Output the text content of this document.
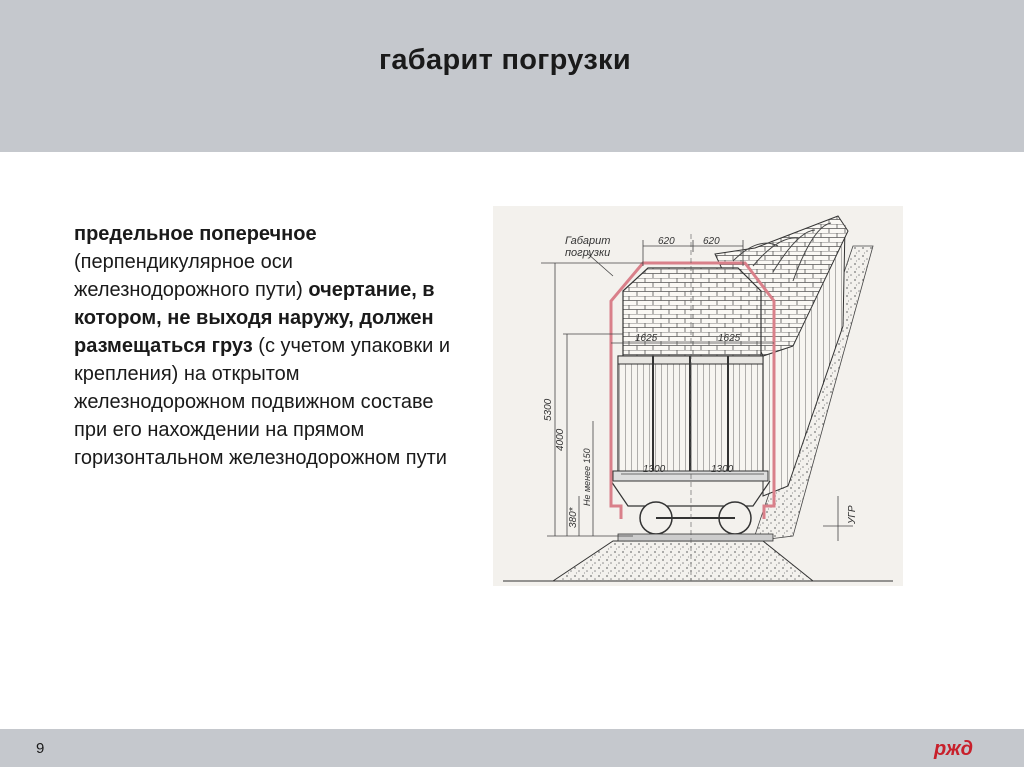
габарит погрузки

предельное поперечное
(перпендикулярное оси железнодорожного пути) очертание, в котором, не выходя наружу, должен размещаться груз (с учетом упаковки и крепления) на открытом железнодорожном подвижном составе при его нахождении на прямом горизонтальном железнодорожном пути

Габарит
погрузки
620	620
1625	1625
1300	1300
5300
4000
380*
Не менее 150
УГР
9	ржд
